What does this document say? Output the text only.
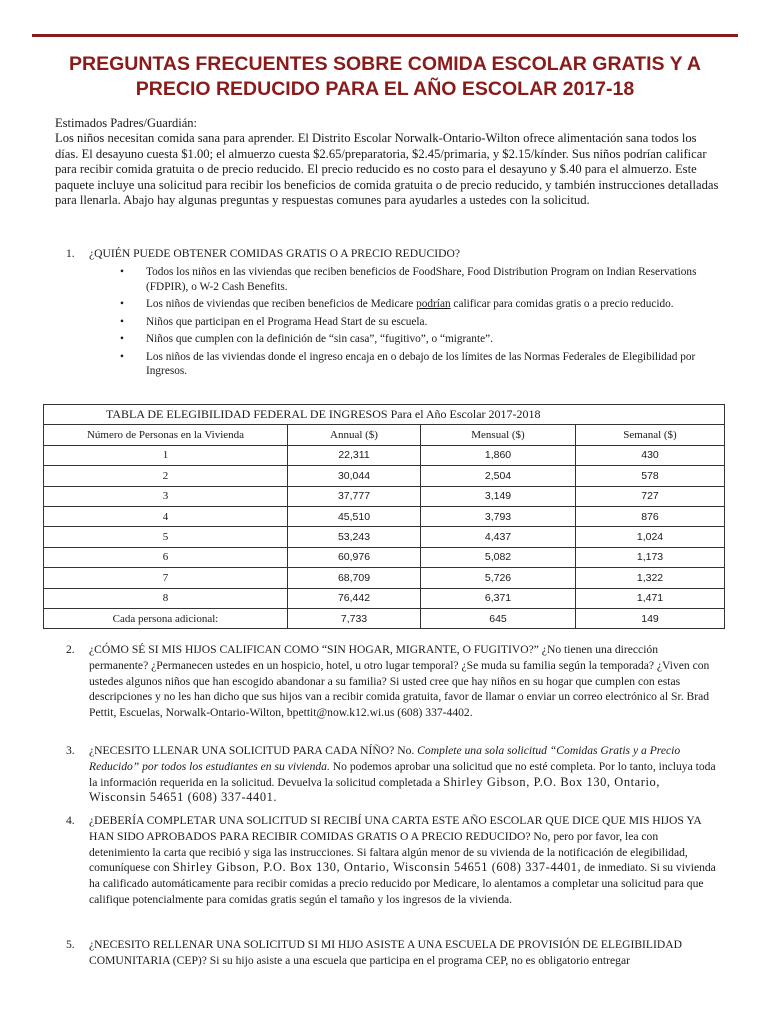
PREGUNTAS FRECUENTES SOBRE COMIDA ESCOLAR GRATIS Y A PRECIO REDUCIDO PARA EL AÑO ESCOLAR 2017-18
Estimados Padres/Guardián:
Los niños necesitan comida sana para aprender. El Distrito Escolar Norwalk-Ontario-Wilton ofrece alimentación sana todos los días. El desayuno cuesta $1.00; el almuerzo cuesta $2.65/preparatoria, $2.45/primaria, y $2.15/kínder. Sus niños podrían calificar para recibir comida gratuita o de precio reducido. El precio reducido es no costo para el desayuno y $.40 para el almuerzo. Este paquete incluye una solicitud para recibir los beneficios de comida gratuita o de precio reducido, y también instrucciones detalladas para llenarla. Abajo hay algunas preguntas y respuestas comunes para ayudarles a ustedes con la solicitud.
1.	¿QUIÉN PUEDE OBTENER COMIDAS GRATIS O A PRECIO REDUCIDO?
• Todos los niños en las viviendas que reciben beneficios de FoodShare, Food Distribution Program on Indian Reservations (FDPIR), o W-2 Cash Benefits.
• Los niños de viviendas que reciben beneficios de Medicare podrían calificar para comidas gratis o a precio reducido.
• Niños que participan en el Programa Head Start de su escuela.
• Niños que cumplen con la definición de “sin casa”, “fugitivo”, o “migrante”.
• Los niños de las viviendas donde el ingreso encaja en o debajo de los límites de las Normas Federales de Elegibilidad por Ingresos.
TABLA DE ELEGIBILIDAD FEDERAL DE INGRESOS Para el Año Escolar 2017-2018			
Número de Personas en la Vivienda	Annual ($)	Mensual ($)	Semanal ($)
1	22,311	1,860	430
2	30,044	2,504	578
3	37,777	3,149	727
4	45,510	3,793	876
5	53,243	4,437	1,024
6	60,976	5,082	1,173
7	68,709	5,726	1,322
8	76,442	6,371	1,471
Cada persona adicional:	7,733	645	149
2.	¿CÓMO SÉ SI MIS HIJOS CALIFICAN COMO “SIN HOGAR, MIGRANTE, O FUGITIVO?” ¿No tienen una dirección permanente? ¿Permanecen ustedes en un hospicio, hotel, u otro lugar temporal? ¿Se muda su familia según la temporada? ¿Viven con ustedes algunos niños que han escogido abandonar a su familia? Si usted cree que hay niños en su hogar que cumplen con estas descripciones y no les han dicho que sus hijos van a recibir comida gratuita, favor de llamar o enviar un correo electrónico al Sr. Brad Pettit, Escuelas, Norwalk-Ontario-Wilton, bpettit@now.k12.wi.us (608) 337-4402.
3.	¿NECESITO LLENAR UNA SOLICITUD PARA CADA NÍÑO? No. Complete una sola solicitud “Comidas Gratis y a Precio Reducido” por todos los estudiantes en su vivienda. No podemos aprobar una solicitud que no esté completa. Por lo tanto, incluya toda la información requerida en la solicitud. Devuelva la solicitud completada a Shirley Gibson, P.O. Box 130, Ontario, Wisconsin 54651 (608) 337-4401.
4.	¿DEBERÍA COMPLETAR UNA SOLICITUD SI RECIBÍ UNA CARTA ESTE AÑO ESCOLAR QUE DICE QUE MIS HIJOS YA HAN SIDO APROBADOS PARA RECIBIR COMIDAS GRATIS O A PRECIO REDUCIDO? No, pero por favor, lea con detenimiento la carta que recibió y siga las instrucciones. Si faltara algún menor de su vivienda de la notificación de elegibilidad, comuníquese con Shirley Gibson, P.O. Box 130, Ontario, Wisconsin 54651 (608) 337-4401, de inmediato. Si su vivienda ha calificado automáticamente para recibir comidas a precio reducido por Medicare, lo alentamos a completar una solicitud para que califique potencialmente para comidas gratis según el tamaño y los ingresos de la vivienda.
5.	¿NECESITO RELLENAR UNA SOLICITUD SI MI HIJO ASISTE A UNA ESCUELA DE PROVISIÓN DE ELEGIBILIDAD COMUNITARIA (CEP)? Si su hijo asiste a una escuela que participa en el programa CEP, no es obligatorio entregar
